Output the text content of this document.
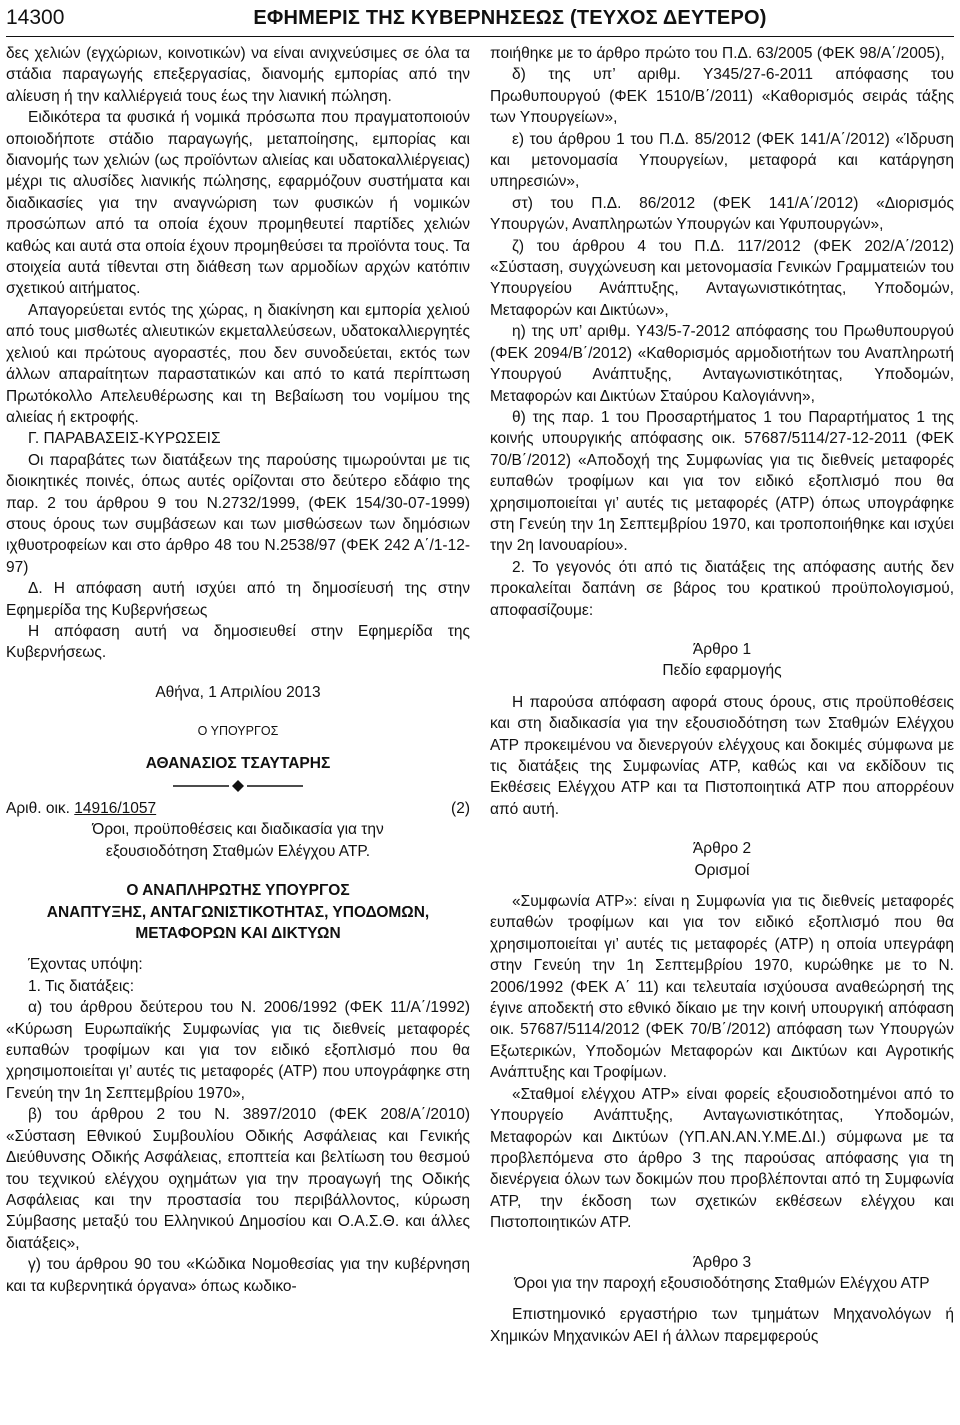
14300	ΕΦΗΜΕΡΙΣ ΤΗΣ ΚΥΒΕΡΝΗΣΕΩΣ (ΤΕΥΧΟΣ ΔΕΥΤΕΡΟ)

δες χελιών (εγχώριων, κοινοτικών) να είναι ανιχνεύσιμες σε όλα τα στάδια παραγωγής επεξεργασίας, διανομής εμπορίας από την αλίευση ή την καλλιέργειά τους έως την λιανική πώληση.

Ειδικότερα τα φυσικά ή νομικά πρόσωπα που πραγματοποιούν οποιοδήποτε στάδιο παραγωγής, μεταποίησης, εμπορίας και διανομής των χελιών (ως προϊόντων αλιείας και υδατοκαλλιέργειας) μέχρι τις αλυσίδες λιανικής πώλησης, εφαρμόζουν συστήματα και διαδικασίες για την αναγνώριση των φυσικών ή νομικών προσώπων από τα οποία έχουν προμηθευτεί παρτίδες χελιών καθώς και αυτά στα οποία έχουν προμηθεύσει τα προϊόντα τους. Τα στοιχεία αυτά τίθενται στη διάθεση των αρμοδίων αρχών κατόπιν σχετικού αιτήματος.

Απαγορεύεται εντός της χώρας, η διακίνηση και εμπορία χελιού από τους μισθωτές αλιευτικών εκμεταλλεύσεων, υδατοκαλλιεργητές χελιού και πρώτους αγοραστές, που δεν συνοδεύεται, εκτός των άλλων απαραίτητων παραστατικών και από το κατά περίπτωση Πρωτόκολλο Απελευθέρωσης και τη Βεβαίωση του νομίμου της αλιείας ή εκτροφής.

Γ. ΠΑΡΑΒΑΣΕΙΣ-ΚΥΡΩΣΕΙΣ

Οι παραβάτες των διατάξεων της παρούσης τιμωρούνται με τις διοικητικές ποινές, όπως αυτές ορίζονται στο δεύτερο εδάφιο της παρ. 2 του άρθρου 9 του Ν.2732/1999, (ΦΕΚ 154/30-07-1999) στους όρους των συμβάσεων και των μισθώσεων των δημόσιων ιχθυοτροφείων και στο άρθρο 48 του Ν.2538/97 (ΦΕΚ 242 Α΄/1-12-97)

Δ. Η απόφαση αυτή ισχύει από τη δημοσίευσή της στην Εφημερίδα της Κυβερνήσεως

Η απόφαση αυτή να δημοσιευθεί στην Εφημερίδα της Κυβερνήσεως.

Αθήνα, 1 Απριλίου 2013

Ο ΥΠΟΥΡΓΟΣ

ΑΘΑΝΑΣΙΟΣ ΤΣΑΥΤΑΡΗΣ

Αριθ. οικ. 14916/1057	(2)

Όροι, προϋποθέσεις και διαδικασία για την εξουσιοδότηση Σταθμών Ελέγχου ΑΤΡ.

Ο ΑΝΑΠΛΗΡΩΤΗΣ ΥΠΟΥΡΓΟΣ

ΑΝΑΠΤΥΞΗΣ, ΑΝΤΑΓΩΝΙΣΤΙΚΟΤΗΤΑΣ, ΥΠΟΔΟΜΩΝ, ΜΕΤΑΦΟΡΩΝ ΚΑΙ ΔΙΚΤΥΩΝ

Έχοντας υπόψη:

1. Τις διατάξεις:

α) του άρθρου δεύτερου του Ν. 2006/1992 (ΦΕΚ 11/Α΄/1992) «Κύρωση Ευρωπαϊκής Συμφωνίας για τις διεθνείς μεταφορές ευπαθών τροφίμων και για τον ειδικό εξοπλισμό που θα χρησιμοποιείται γι’ αυτές τις μεταφορές (ΑΤΡ) που υπογράφηκε στη Γενεύη την 1η Σεπτεμβρίου 1970»,

β) του άρθρου 2 του Ν. 3897/2010 (ΦΕΚ 208/Α΄/2010) «Σύσταση Εθνικού Συμβουλίου Οδικής Ασφάλειας και Γενικής Διεύθυνσης Οδικής Ασφάλειας, εποπτεία και βελτίωση του θεσμού του τεχνικού ελέγχου οχημάτων για την προαγωγή της Οδικής Ασφάλειας και την προστασία του περιβάλλοντος, κύρωση Σύμβασης μεταξύ του Ελληνικού Δημοσίου και Ο.Α.Σ.Θ. και άλλες διατάξεις»,

γ) του άρθρου 90 του «Κώδικα Νομοθεσίας για την κυβέρνηση και τα κυβερνητικά όργανα» όπως κωδικο-

ποιήθηκε με το άρθρο πρώτο του Π.Δ. 63/2005 (ΦΕΚ 98/Α΄/2005),

δ) της υπ’ αριθμ. Υ345/27-6-2011 απόφασης του Πρωθυπουργού (ΦΕΚ 1510/Β΄/2011) «Καθορισμός σειράς τάξης των Υπουργείων»,

ε) του άρθρου 1 του Π.Δ. 85/2012 (ΦΕΚ 141/Α΄/2012) «Ίδρυση και μετονομασία Υπουργείων, μεταφορά και κατάργηση υπηρεσιών»,

στ) του Π.Δ. 86/2012 (ΦΕΚ 141/Α΄/2012) «Διορισμός Υπουργών, Αναπληρωτών Υπουργών και Υφυπουργών»,

ζ) του άρθρου 4 του Π.Δ. 117/2012 (ΦΕΚ 202/Α΄/2012) «Σύσταση, συγχώνευση και μετονομασία Γενικών Γραμματειών του Υπουργείου Ανάπτυξης, Ανταγωνιστικότητας, Υποδομών, Μεταφορών και Δικτύων»,

η) της υπ’ αριθμ. Υ43/5-7-2012 απόφασης του Πρωθυπουργού (ΦΕΚ 2094/Β΄/2012) «Καθορισμός αρμοδιοτήτων του Αναπληρωτή Υπουργού Ανάπτυξης, Ανταγωνιστικότητας, Υποδομών, Μεταφορών και Δικτύων Σταύρου Καλογιάννη»,

θ) της παρ. 1 του Προσαρτήματος 1 του Παραρτήματος 1 της κοινής υπουργικής απόφασης οικ. 57687/5114/27-12-2011 (ΦΕΚ 70/Β΄/2012) «Αποδοχή της Συμφωνίας για τις διεθνείς μεταφορές ευπαθών τροφίμων και για τον ειδικό εξοπλισμό που θα χρησιμοποιείται γι’ αυτές τις μεταφορές (ΑΤΡ) όπως υπογράφηκε στη Γενεύη την 1η Σεπτεμβρίου 1970, και τροποποιήθηκε και ισχύει την 2η Ιανουαρίου».

2. Το γεγονός ότι από τις διατάξεις της απόφασης αυτής δεν προκαλείται δαπάνη σε βάρος του κρατικού προϋπολογισμού, αποφασίζουμε:

Άρθρο 1

Πεδίο εφαρμογής

Η παρούσα απόφαση αφορά στους όρους, στις προϋποθέσεις και στη διαδικασία για την εξουσιοδότηση των Σταθμών Ελέγχου ΑΤΡ προκειμένου να διενεργούν ελέγχους και δοκιμές σύμφωνα με τις διατάξεις της Συμφωνίας ΑΤΡ, καθώς και να εκδίδουν τις Εκθέσεις Ελέγχου ΑΤΡ και τα Πιστοποιητικά ΑΤΡ που απορρέουν από αυτή.

Άρθρο 2

Ορισμοί

«Συμφωνία ΑΤΡ»: είναι η Συμφωνία για τις διεθνείς μεταφορές ευπαθών τροφίμων και για τον ειδικό εξοπλισμό που θα χρησιμοποιείται γι’ αυτές τις μεταφορές (ΑΤΡ) η οποία υπεγράφη στην Γενεύη την 1η Σεπτεμβρίου 1970, κυρώθηκε με το Ν. 2006/1992 (ΦΕΚ Α΄ 11) και τελευταία ισχύουσα αναθεώρησή της έγινε αποδεκτή στο εθνικό δίκαιο με την κοινή υπουργική απόφαση οικ. 57687/5114/2012 (ΦΕΚ 70/Β΄/2012) απόφαση των Υπουργών Εξωτερικών, Υποδομών Μεταφορών και Δικτύων και Αγροτικής Ανάπτυξης και Τροφίμων.

«Σταθμοί ελέγχου ΑΤΡ» είναι φορείς εξουσιοδοτημένοι από το Υπουργείο Ανάπτυξης, Ανταγωνιστικότητας, Υποδομών, Μεταφορών και Δικτύων (ΥΠ.ΑΝ.ΑΝ.Υ.ΜΕ.ΔΙ.) σύμφωνα με τα προβλεπόμενα στο άρθρο 3 της παρούσας απόφασης για τη διενέργεια όλων των δοκιμών που προβλέπονται από τη Συμφωνία ΑΤΡ, την έκδοση των σχετικών εκθέσεων ελέγχου και Πιστοποιητικών ΑΤΡ.

Άρθρο 3

Όροι για την παροχή εξουσιοδότησης Σταθμών Ελέγχου ΑΤΡ

Επιστημονικό εργαστήριο των τμημάτων Μηχανολόγων ή Χημικών Μηχανικών ΑΕΙ ή άλλων παρεμφερούς
